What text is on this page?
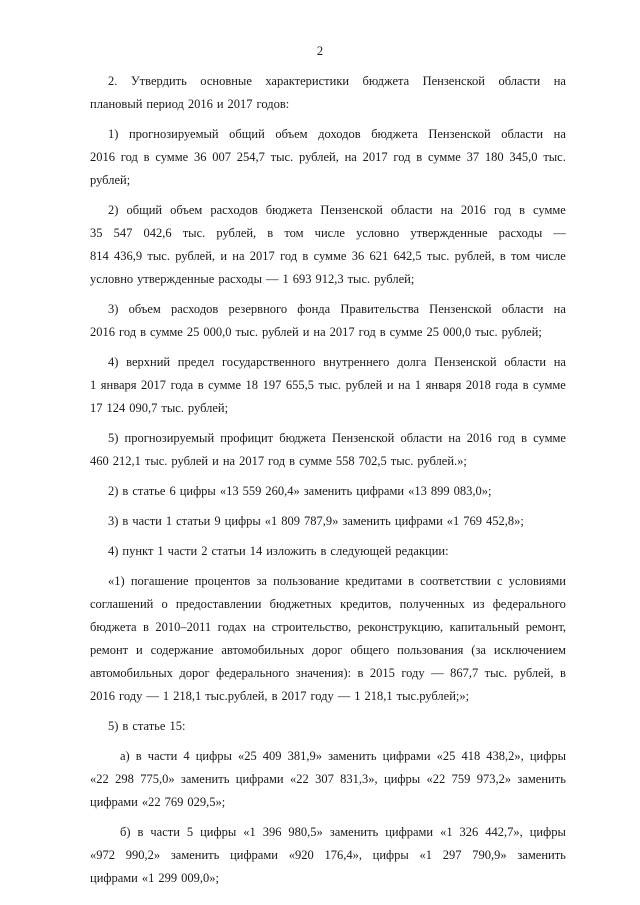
2
2. Утвердить основные характеристики бюджета Пензенской области на
плановый период 2016 и 2017 годов:
1) прогнозируемый общий объем доходов бюджета Пензенской области на
2016 год в сумме 36 007 254,7 тыс. рублей, на 2017 год в сумме 37 180 345,0 тыс.
рублей;
2) общий объем расходов бюджета Пензенской области на 2016 год в сумме
35 547 042,6 тыс. рублей, в том числе условно утвержденные расходы —
814 436,9 тыс. рублей, и на 2017 год в сумме 36 621 642,5 тыс. рублей, в том числе
условно утвержденные расходы — 1 693 912,3 тыс. рублей;
3) объем расходов резервного фонда Правительства Пензенской области на
2016 год в сумме 25 000,0 тыс. рублей и на 2017 год в сумме 25 000,0 тыс. рублей;
4) верхний предел государственного внутреннего долга Пензенской области на
1 января 2017 года в сумме 18 197 655,5 тыс. рублей и на 1 января 2018 года в сумме
17 124 090,7 тыс. рублей;
5) прогнозируемый профицит бюджета Пензенской области на 2016 год в сумме
460 212,1 тыс. рублей и на 2017 год в сумме 558 702,5 тыс. рублей.»;
2) в статье 6 цифры «13 559 260,4» заменить цифрами «13 899 083,0»;
3) в части 1 статьи 9 цифры «1 809 787,9» заменить цифрами «1 769 452,8»;
4) пункт 1 части 2 статьи 14 изложить в следующей редакции:
«1) погашение процентов за пользование кредитами в соответствии с условиями
соглашений о предоставлении бюджетных кредитов, полученных из федерального
бюджета в 2010–2011 годах на строительство, реконструкцию, капитальный ремонт,
ремонт и содержание автомобильных дорог общего пользования (за исключением
автомобильных дорог федерального значения): в 2015 году — 867,7 тыс. рублей, в
2016 году — 1 218,1 тыс.рублей, в 2017 году — 1 218,1 тыс.рублей;»;
5) в статье 15:
а) в части 4 цифры «25 409 381,9» заменить цифрами «25 418 438,2», цифры
«22 298 775,0» заменить цифрами «22 307 831,3», цифры «22 759 973,2» заменить
цифрами «22 769 029,5»;
б) в части 5 цифры «1 396 980,5» заменить цифрами «1 326 442,7», цифры
«972 990,2» заменить цифрами «920 176,4», цифры «1 297 790,9» заменить
цифрами «1 299 009,0»;
